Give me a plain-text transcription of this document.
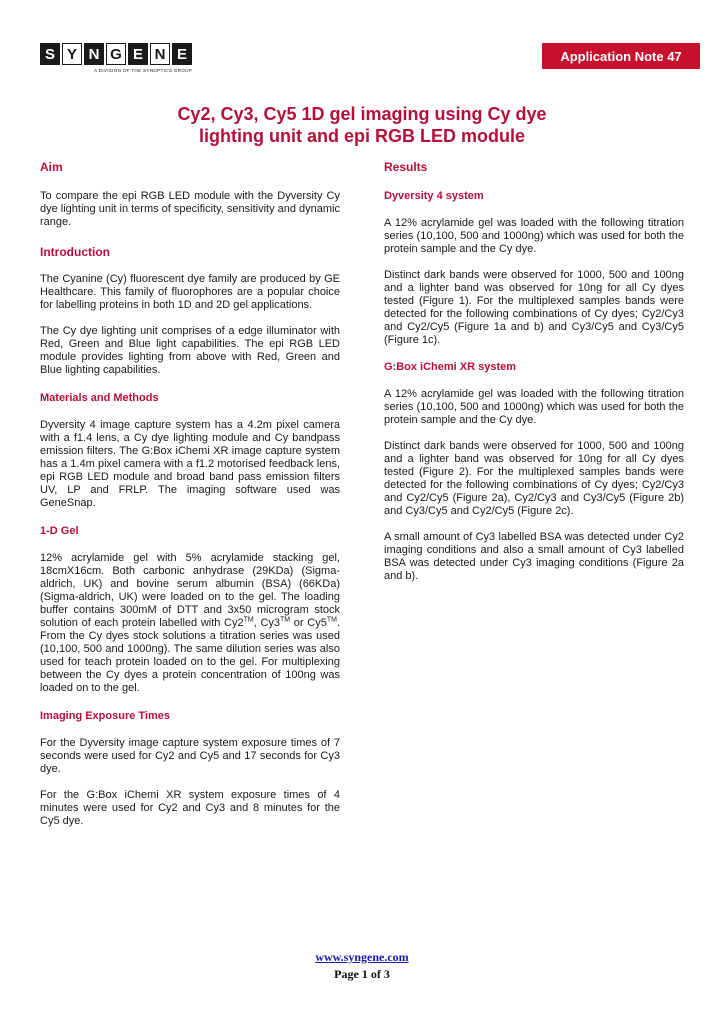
S Y N G E N E
A DIVISION OF THE SYNOPTICS GROUP
Application Note 47
Cy2, Cy3, Cy5 1D gel imaging using Cy dye
lighting unit and epi RGB LED module
Aim
To compare the epi RGB LED module with the Dyversity Cy dye lighting unit in terms of specificity, sensitivity and dynamic range.
Introduction
The Cyanine (Cy) fluorescent dye family are produced by GE Healthcare. This family of fluorophores are a popular choice for labelling proteins in both 1D and 2D gel applications.
The Cy dye lighting unit comprises of a edge illuminator with Red, Green and Blue light capabilities. The epi RGB LED module provides lighting from above with Red, Green and Blue lighting capabilities.
Materials and Methods
Dyversity 4 image capture system has a 4.2m pixel camera with a f1.4 lens, a Cy dye lighting module and Cy bandpass emission filters. The G:Box iChemi XR image capture system has a 1.4m pixel camera with a f1.2 motorised feedback lens, epi RGB LED module and broad band pass emission filters UV, LP and FRLP. The imaging software used was GeneSnap.
1-D Gel
12% acrylamide gel with 5% acrylamide stacking gel, 18cmX16cm. Both carbonic anhydrase (29KDa) (Sigma-aldrich, UK) and bovine serum albumin (BSA) (66KDa) (Sigma-aldrich, UK) were loaded on to the gel. The loading buffer contains 300mM of DTT and 3x50 microgram stock solution of each protein labelled with Cy2™, Cy3™ or Cy5™. From the Cy dyes stock solutions a titration series was used (10,100, 500 and 1000ng). The same dilution series was also used for teach protein loaded on to the gel. For multiplexing between the Cy dyes a protein concentration of 100ng was loaded on to the gel.
Imaging Exposure Times
For the Dyversity image capture system exposure times of 7 seconds were used for Cy2 and Cy5 and 17 seconds for Cy3 dye.
For the G:Box iChemi XR system exposure times of 4 minutes were used for Cy2 and Cy3 and 8 minutes for the Cy5 dye.
Results
Dyversity 4 system
A 12% acrylamide gel was loaded with the following titration series (10,100, 500 and 1000ng) which was used for both the protein sample and the Cy dye.
Distinct dark bands were observed for 1000, 500 and 100ng and a lighter band was observed for 10ng for all Cy dyes tested (Figure 1). For the multiplexed samples bands were detected for the following combinations of Cy dyes; Cy2/Cy3 and Cy2/Cy5 (Figure 1a and b) and Cy3/Cy5 and Cy3/Cy5 (Figure 1c).
G:Box iChemi XR system
A 12% acrylamide gel was loaded with the following titration series (10,100, 500 and 1000ng) which was used for both the protein sample and the Cy dye.
Distinct dark bands were observed for 1000, 500 and 100ng and a lighter band was observed for 10ng for all Cy dyes tested (Figure 2). For the multiplexed samples bands were detected for the following combinations of Cy dyes; Cy2/Cy3 and Cy2/Cy5 (Figure 2a), Cy2/Cy3 and Cy3/Cy5 (Figure 2b) and Cy3/Cy5 and Cy2/Cy5 (Figure 2c).
A small amount of Cy3 labelled BSA was detected under Cy2 imaging conditions and also a small amount of Cy3 labelled BSA was detected under Cy3 imaging conditions (Figure 2a and b).
www.syngene.com
Page 1 of 3
